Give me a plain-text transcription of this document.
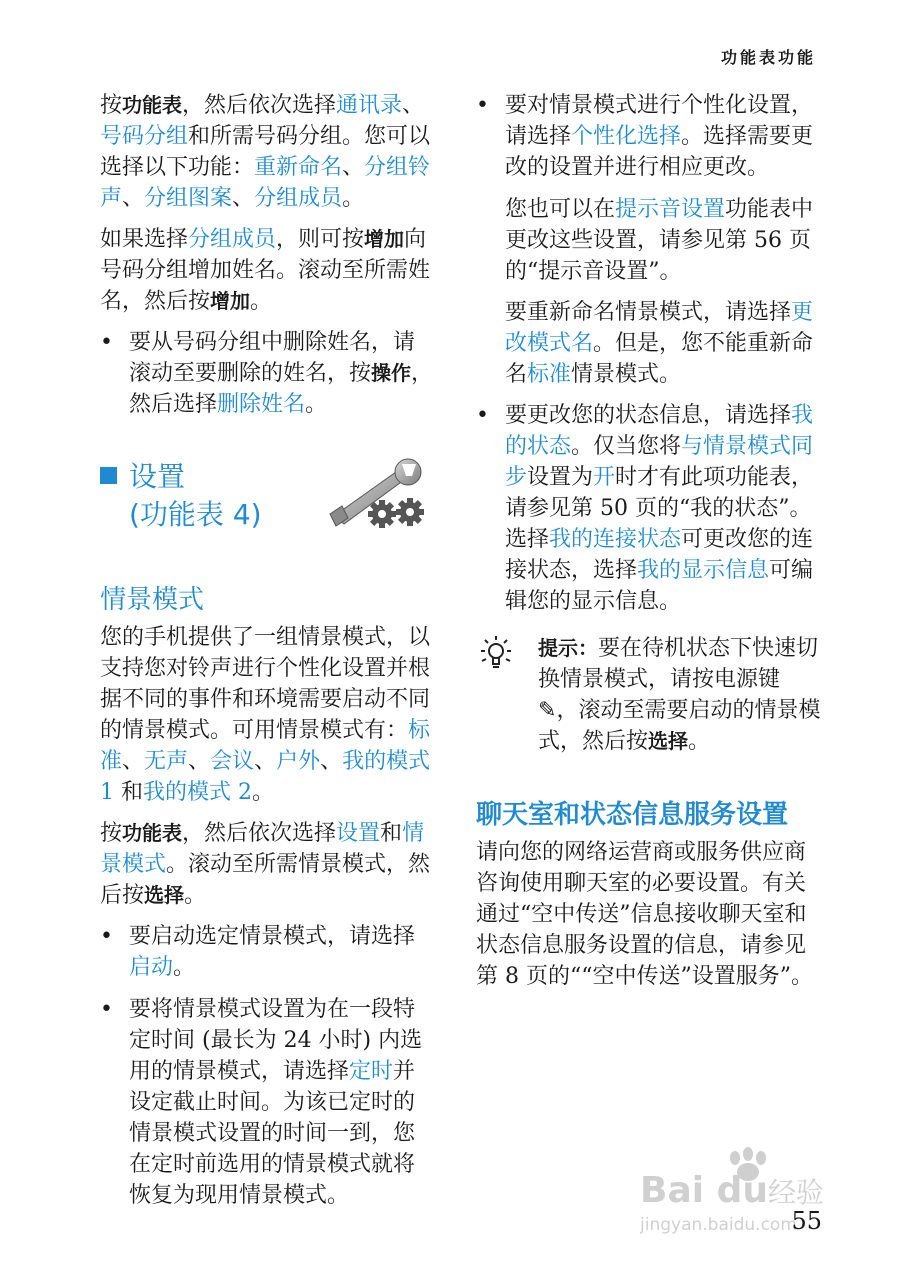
功能表功能

按功能表，然后依次选择通讯录、号码分组和所需号码分组。您可以选择以下功能：重新命名、分组铃声、分组图案、分组成员。

如果选择分组成员，则可按增加向号码分组增加姓名。滚动至所需姓名，然后按增加。

• 要从号码分组中删除姓名，请滚动至要删除的姓名，按操作，然后选择删除姓名。
设置
(功能表 4)
情景模式

您的手机提供了一组情景模式，以支持您对铃声进行个性化设置并根据不同的事件和环境需要启动不同的情景模式。可用情景模式有：标准、无声、会议、户外、我的模式 1 和我的模式 2。

按功能表，然后依次选择设置和情景模式。滚动至所需情景模式，然后按选择。

• 要启动选定情景模式，请选择启动。
• 要将情景模式设置为在一段特定时间 (最长为 24 小时) 内选用的情景模式，请选择定时并设定截止时间。为该已定时的情景模式设置的时间一到，您在定时前选用的情景模式就将恢复为现用情景模式。
• 要对情景模式进行个性化设置，请选择个性化选择。选择需要更改的设置并进行相应更改。

您也可以在提示音设置功能表中更改这些设置，请参见第 56 页的“提示音设置”。

要重新命名情景模式，请选择更改模式名。但是，您不能重新命名标准情景模式。

• 要更改您的状态信息，请选择我的状态。仅当您将与情景模式同步设置为开时才有此项功能表，请参见第 50 页的“我的状态”。选择我的连接状态可更改您的连接状态，选择我的显示信息可编辑您的显示信息。
提示：要在待机状态下快速切换情景模式，请按电源键 ✎，滚动至需要启动的情景模式，然后按选择。
聊天室和状态信息服务设置

请向您的网络运营商或服务供应商咨询使用聊天室的必要设置。有关通过“空中传送”信息接收聊天室和状态信息服务设置的信息，请参见第 8 页的““空中传送”设置服务”。

Bai du 经验
jingyan.baidu.com
55
